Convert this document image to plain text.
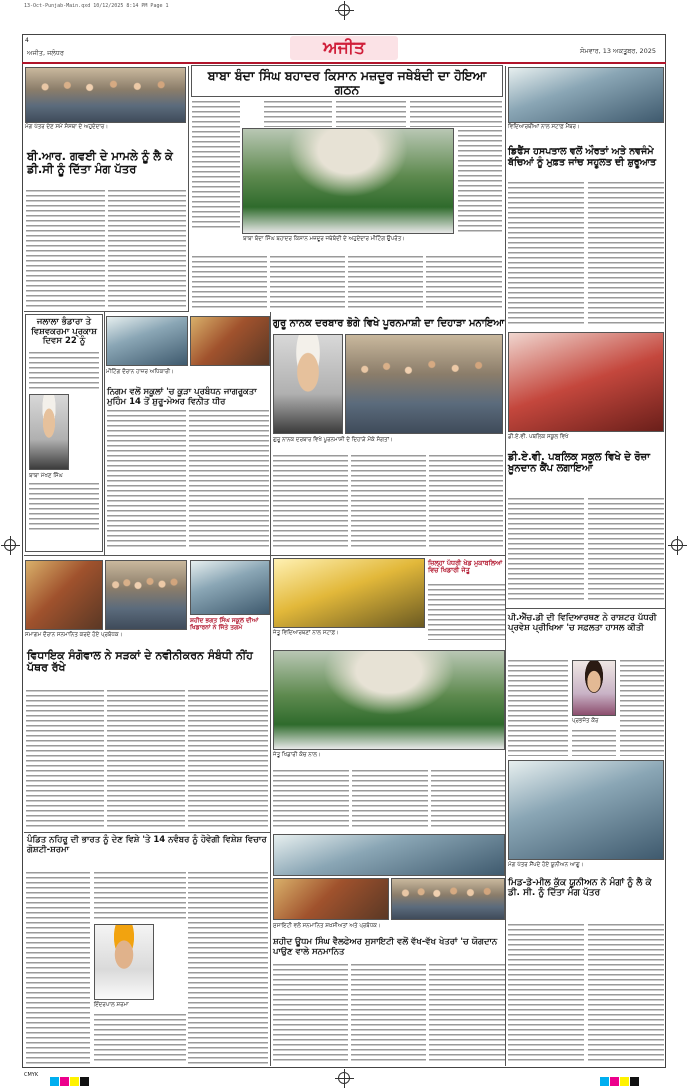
13-Oct-Punjab-Main.qxd 10/12/2025 8:14 PM Page 1
4
ਅਜੀਤ, ਜਲੰਧਰ	ਅਜੀਤ	ਸੋਮਵਾਰ, 13 ਅਕਤੂਬਰ, 2025
ਮੰਗ ਪੱਤਰ ਦੇਣ ਸਮੇਂ ਸੰਸਥਾ ਦੇ ਅਹੁਦੇਦਾਰ।
ਬੀ.ਆਰ. ਗਵਈ ਦੇ ਮਾਮਲੇ ਨੂੰ ਲੈ ਕੇ ਡੀ.ਸੀ ਨੂੰ ਦਿੱਤਾ ਮੰਗ ਪੱਤਰ
ਬਾਬਾ ਬੰਦਾ ਸਿੰਘ ਬਹਾਦਰ ਕਿਸਾਨ ਮਜ਼ਦੂਰ ਜਥੇਬੰਦੀ ਦਾ ਹੋਇਆ ਗਠਨ
ਬਾਬਾ ਬੰਦਾ ਸਿੰਘ ਬਹਾਦਰ ਕਿਸਾਨ ਮਜ਼ਦੂਰ ਜਥੇਬੰਦੀ ਦੇ ਅਹੁਦੇਦਾਰ ਮੀਟਿੰਗ ਉਪਰੰਤ।
ਵਿਦਿਆਰਥੀਆਂ ਨਾਲ ਸਟਾਫ਼ ਮੈਂਬਰ।
ਡਿਫੈਂਸ ਹਸਪਤਾਲ ਵਲੋਂ ਔਰਤਾਂ ਅਤੇ ਨਵਜੰਮੇ ਬੱਚਿਆਂ ਨੂੰ ਮੁਫ਼ਤ ਜਾਂਚ ਸਹੂਲਤ ਦੀ ਸ਼ੁਰੂਆਤ
ਜਲਾਲਾ ਭੰਡਾਰਾ ਤੇ ਵਿਸ਼ਵਕਰਮਾ ਪ੍ਰਕਾਸ਼ ਦਿਵਸ 22 ਨੂੰ
ਬਾਬਾ ਮੱਖਣ ਸਿੰਘ
ਮੀਟਿੰਗ ਦੌਰਾਨ ਹਾਜ਼ਰ ਅਧਿਕਾਰੀ।
ਨਿਗਮ ਵਲੋਂ ਸਕੂਲਾਂ 'ਚ ਕੂੜਾ ਪ੍ਰਬੰਧਨ ਜਾਗਰੂਕਤਾ ਮੁਹਿੰਮ 14 ਤੋਂ ਸ਼ੁਰੂ-ਮੇਅਰ ਵਿਨੀਤ ਧੀਰ
ਗੁਰੂ ਨਾਨਕ ਦਰਬਾਰ ਭੋਗੇ ਵਿਖੇ ਪੂਰਨਮਾਸ਼ੀ ਦਾ ਦਿਹਾੜਾ ਮਨਾਇਆ
ਗੁਰੂ ਨਾਨਕ ਦਰਬਾਰ ਵਿਖੇ ਪੂਰਨਮਾਸ਼ੀ ਦੇ ਦਿਹਾੜੇ ਮੌਕੇ ਸੰਗਤਾਂ।	ਡੀ.ਏ.ਵੀ. ਪਬਲਿਕ ਸਕੂਲ ਵਿਖੇ
ਡੀ.ਏ.ਵੀ. ਪਬਲਿਕ ਸਕੂਲ ਵਿਖੇ ਦੇ ਰੋਜ਼ਾ ਖ਼ੂਨਦਾਨ ਕੈਂਪ ਲਗਾਇਆ
ਸਮਾਗਮ ਦੌਰਾਨ ਸਨਮਾਨਿਤ ਕਰਦੇ ਹੋਏ ਪ੍ਰਬੰਧਕ।
ਸ਼ਹੀਦ ਭਗਤ ਸਿੰਘ ਸਕੂਲ ਦੀਆਂ ਖਿਡਾਰਨਾਂ ਨੇ ਜਿੱਤੇ ਤਗਮੇ
ਜ਼ਿਲ੍ਹਾ ਪੱਧਰੀ ਖੇਡ ਮੁਕਾਬਲਿਆਂ ਵਿਚ ਖਿਡਾਰੀ ਜੇਤੂ
ਜੇਤੂ ਵਿਦਿਆਰਥਣਾਂ ਨਾਲ ਸਟਾਫ਼।
ਵਿਧਾਇਕ ਸੰਗੋਵਾਲ ਨੇ ਸੜਕਾਂ ਦੇ ਨਵੀਨੀਕਰਨ ਸੰਬੰਧੀ ਨੀਂਹ ਪੱਥਰ ਰੱਖੇ
ਜੇਤੂ ਖਿਡਾਰੀ ਕੋਚ ਨਾਲ।
ਪੀ.ਐੱਚ.ਡੀ ਦੀ ਵਿਦਿਆਰਥਣ ਨੇ ਰਾਸ਼ਟਰ ਪੱਧਰੀ ਪ੍ਰਵੇਸ਼ ਪ੍ਰੀਖਿਆ 'ਚ ਸਫ਼ਲਤਾ ਹਾਸਲ ਕੀਤੀ
ਪ੍ਰਭਜੋਤ ਕੌਰ
ਪੰਡਿਤ ਨਹਿਰੂ ਦੀ ਭਾਰਤ ਨੂੰ ਦੇਣ ਵਿਸ਼ੇ 'ਤੇ 14 ਨਵੰਬਰ ਨੂੰ ਹੋਵੇਗੀ ਵਿਸ਼ੇਸ਼ ਵਿਚਾਰ ਗੋਸ਼ਟੀ-ਸ਼ਰਮਾ
ਇੰਦਰਪਾਲ ਸ਼ਰਮਾ
ਸੁਸਾਇਟੀ ਵਲੋਂ ਸਨਮਾਨਿਤ ਸ਼ਖ਼ਸੀਅਤਾਂ ਅਤੇ ਪ੍ਰਬੰਧਕ।
ਸ਼ਹੀਦ ਊਧਮ ਸਿੰਘ ਵੈਲਫੇਅਰ ਸੁਸਾਇਟੀ ਵਲੋਂ ਵੱਖ-ਵੱਖ ਖੇਤਰਾਂ 'ਚ ਯੋਗਦਾਨ ਪਾਉਣ ਵਾਲੇ ਸਨਮਾਨਿਤ
ਮੰਗ ਪੱਤਰ ਸੌਂਪਦੇ ਹੋਏ ਯੂਨੀਅਨ ਆਗੂ।
ਮਿਡ-ਡੇ-ਮੀਲ ਕੁੱਕ ਯੂਨੀਅਨ ਨੇ ਮੰਗਾਂ ਨੂੰ ਲੈ ਕੇ ਡੀ. ਸੀ. ਨੂੰ ਦਿੱਤਾ ਮੰਗ ਪੱਤਰ
CMYK
